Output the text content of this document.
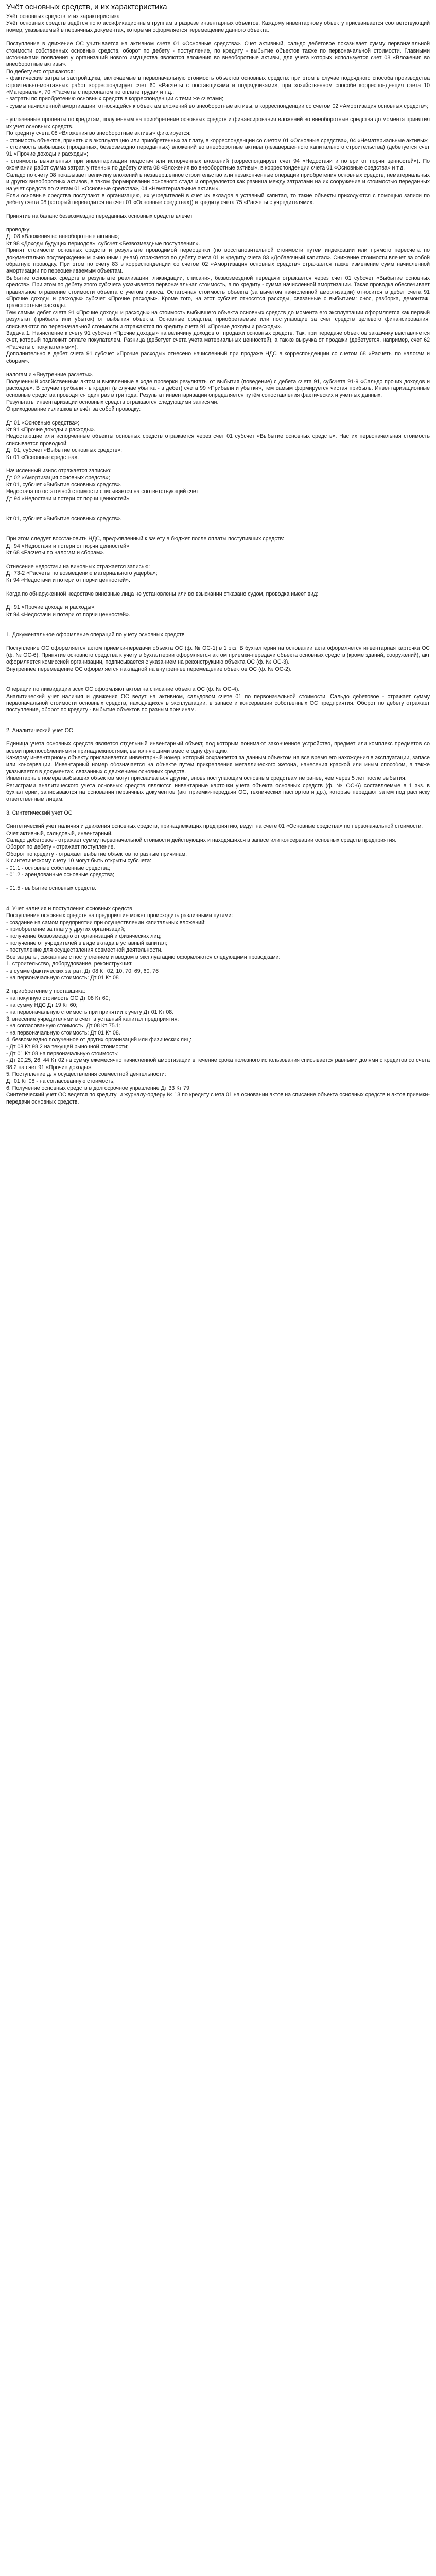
Учёт основных средств, и их характеристика

Учёт основных средств, и их характеристика

Учёт основных средств ведётся по классификационным группам в разрезе инвентарных объектов. Каждому инвентарному объекту присваивается соответствующий номер, указываемый в первичных документах, которыми оформляется перемещение данного объекта.

Поступление в движение ОС учитывается на активном счете 01 «Основные средства». Счет активный, сальдо дебетовое показывает сумму первоначальной стоимости собственных основных средств, оборот по дебету - поступление, по кредиту - выбытие объектов также по первоначальной стоимости. Главными источниками появления у организаций нового имущества являются вложения во внеоборотные активы, для учета которых используется счет 08 «Вложения во внеоборотные активы».

По дебету его отражаются:

- фактические затраты застройщика, включаемые в первоначальную стоимость объектов основных средств: при этом в случае подрядного способа производства строительно-монтажных работ корреспондирует счет 60 «Расчеты с поставщиками и подрядчиками», при хозяйственном способе корреспонденция счета 10 «Материалы», 70 «Расчеты с персоналом по оплате труда» и т.д.;

- затраты по приобретению основных средств в корреспонденции с теми же счетами;

- суммы начисленной амортизации, относящейся к объектам вложений во внеоборотные активы, в корреспонденции со счетом 02 «Амортизация основных средств»;

- уплаченные проценты по кредитам, полученным на приобретение основных средств и финансирования вложений во внеоборотные средства до момента принятия их учет основных средств.

По кредиту счета 08 «Вложения во внеоборотные активы» фиксируется:

- стоимость объектов, принятых в эксплуатацию или приобретенных за плату, в корреспонденции со счетом 01 «Основные средства», 04 «Нематериальные активы»;

- стоимость выбывших (проданных, безвозмездно переданных) вложений во внеоборотные активы (незавершенного капитального строительства) (дебетуется счет 91 «Прочие доходы и расходы»;

- стоимость выявленных при инвентаризации недостач или испорченных вложений (корреспондирует счет 94 «Недостачи и потери от порчи ценностей»). По окончании работ сумма затрат, учтенных по дебету счета 08 «Вложения во внеоборотные активы», в корреспонденции счета 01 «Основные средства» и т.д.

Сальдо по счету 08 показывает величину вложений в незавершенное строительство или незаконченные операции приобретения основных средств, нематериальных и других внеоборотных активов, в таком формировании основного стада и определяется как разница между затратами на их сооружение и стоимостью переданных на учет средств по счетам 01 «Основные средства», 04 «Нематериальные активы».

Если основные средства поступают в организацию, их учредителей в счет их вкладов в уставный капитал, то такие объекты приходуются с помощью записи по дебету счета 08 (который переводится на счет 01 «Основные средства»)) и кредиту счета 75 «Расчеты с учредителями».

Принятие на баланс безвозмездно переданных основных средств влечёт

проводку:

Дт 08 «Вложения во внеоборотные активы»;

Кт 98 «Доходы будущих периодов», субсчет «Безвозмездные поступления».

Принят стоимости основных средств и результате проводимой переоценки (по восстановительной стоимости путем индексации или прямого пересчета по документально подтвержденным рыночным ценам) отражается по дебету счета 01 и кредиту счета 83 «Добавочный капитал». Снижение стоимости влечет за собой обратную проводку. При этом по счету 83 в корреспонденции со счетом 02 «Амортизация основных средств» отражается также изменение сумм начисленной амортизации по переоцениваемым объектам.

Выбытие основных средств в результате реализации, ликвидации, списания, безвозмездной передачи отражается через счет 01 субсчет «Выбытие основных средств». При этом по дебету этого субсчета указывается первоначальная стоимость, а по кредиту - сумма начисленной амортизации. Такая проводка обеспечивает правильное отражение стоимости объекта с учетом износа. Остаточная стоимость объекта (за вычетом начисленной амортизации) относится в дебет счета 91 «Прочие доходы и расходы» субсчет «Прочие расходы». Кроме того, на этот субсчет относятся расходы, связанные с выбытием: снос, разборка, демонтаж, транспортные расходы.

Тем самым дебет счета 91 «Прочие доходы и расходы» на стоимость выбывшего объекта основных средств до момента его эксплуатации оформляется как первый результат (прибыль или убыток) от выбытия объекта. Основные средства, приобретаемые или поступающие за счет средств целевого финансирования, списываются по первоначальной стоимости и отражаются по кредиту счета 91 «Прочие доходы и расходы».

Задача 1. Начисление к счету 91 субсчет «Прочие доходы» на величину доходов от продажи основных средств. Так, при передаче объектов заказчику выставляется счет, который подлежит оплате покупателем. Разница (дебетует счета учета материальных ценностей), а также выручка от продажи (дебетуется, например, счет 62 «Расчеты с покупателями»).

Дополнительно в дебет счета 91 субсчет «Прочие расходы» отнесено начисленный при продаже НДС в корреспонденции со счетом 68 «Расчеты по налогам и сборам».

налогам и «Внутренние расчеты».

Полученный хозяйственным актом и выявленные в ходе проверки результаты от выбытия (поведение) с дебета счета 91, субсчета 91-9 «Сальдо прочих доходов и расходов». В случае прибыли - в кредит (в случае убытка - в дебет) счета 99 «Прибыли и убытки», тем самым формируется чистая прибыль. Инвентаризационные основные средства проводятся один раз в три года. Результат инвентаризации определяется путём сопоставления фактических и учетных данных.

Результаты инвентаризации основных средств отражаются следующими записями.

Оприходование излишков влечёт за собой проводку:

Дт 01 «Основные средства»;

Кт 91 «Прочие доходы и расходы».

Недостающие или испорченные объекты основных средств отражается через счет 01 субсчет «Выбытие основных средств». Нас их первоначальная стоимость списывается проводкой:

Дт 01, субсчет «Выбытие основных средств»;

Кт 01 «Основные средства».

Начисленный износ отражается записью:

Дт 02 «Амортизация основных средств»;

Кт 01, субсчет «Выбытие основных средств».

Недостача по остаточной стоимости списывается на соответствующий счет

Дт 94 «Недостачи и потери от порчи ценностей»;

Кт 01, субсчет «Выбытие основных средств».

При этом следует восстановить НДС, предъявленный к зачету в бюджет после оплаты поступивших средств:

Дт 94 «Недостачи и потери от порчи ценностей»;

Кт 68 «Расчеты по налогам и сборам».

Отнесение недостачи на виновных отражается записью:

Дт 73-2 «Расчеты по возмещению материального ущерба»;

Кт 94 «Недостачи и потери от порчи ценностей».

Когда по обнаруженной недостаче виновные лица не установлены или во взыскании отказано судом, проводка имеет вид:

Дт 91 «Прочие доходы и расходы»;

Кт 94 «Недостачи и потери от порчи ценностей».

1. Документальное оформление операций по учету основных средств

Поступление ОС оформляется актом приемки-передачи объекта ОС (ф. № ОС-1) в 1 экз. В бухгалтерии на основании акта оформляется инвентарная карточка ОС (ф. № ОС-6). Принятие основного средства к учету в бухгалтерии оформляется актом приемки-передачи объекта основных средств (кроме зданий, сооружений), акт оформляется комиссией организации, подписывается с указанием на реконструкцию объекта ОС (ф. № ОС-3).

Внутреннее перемещение ОС оформляется накладной на внутреннее перемещение объектов ОС (ф. № ОС-2).

Операции по ликвидации всех ОС оформляют актом на списание объекта ОС (ф. № ОС-4).

Аналитический учет наличия и движения ОС ведут на активном, сальдовом счете 01 по первоначальной стоимости. Сальдо дебетовое - отражает сумму первоначальной стоимости основных средств, находящихся в эксплуатации, в запасе и консервации собственных ОС предприятия. Оборот по дебету отражает поступление, оборот по кредиту - выбытие объектов по разным причинам.

2. Аналитический учет ОС

Единица учета основных средств является отдельный инвентарный объект, под которым понимают законченное устройство, предмет или комплекс предметов со всеми приспособлениями и принадлежностями, выполняющими вместе одну функцию.

Каждому инвентарному объекту присваивается инвентарный номер, который сохраняется за данным объектом на все время его нахождения в эксплуатации, запасе или консервации. Инвентарный номер обозначается на объекте путем прикрепления металлического жетона, нанесения краской или иным способом, а также указывается в документах, связанных с движением основных средств.

Инвентарные номера выбывших объектов могут присваиваться другим, вновь поступающим основным средствам не ранее, чем через 5 лет после выбытия.

Регистрами аналитического учета основных средств являются инвентарные карточки учета объекта основных средств (ф. № ОС-6) составляемые в 1 экз. в бухгалтерии, записываются на основании первичных документов (акт приемки-передачи ОС, технических паспортов и др.), которые передают затем под расписку ответственным лицам.

3. Синтетический учет ОС

Синтетический учет наличия и движения основных средств, принадлежащих предприятию, ведут на счете 01 «Основные средства» по первоначальной стоимости.

Счет активный, сальдовый, инвентарный.

Сальдо дебетовое - отражает сумму первоначальной стоимости действующих и находящихся в запасе или консервации основных средств предприятия.

Оборот по дебету - отражает поступление.

Оборот по кредиту - отражает выбытие объектов по разным причинам.

К синтетическому счету 10 могут быть открыты субсчета:

- 01.1 - основные собственные средства;

- 01.2 - арендованные основные средства;

- 01.5 - выбытие основных средств.

4. Учет наличия и поступления основных средств

Поступление основных средств на предприятие может происходить различными путями:

- создание на самом предприятии при осуществлении капитальных вложений;

- приобретение за плату у других организаций;

- получение безвозмездно от организаций и физических лиц;

- получение от учредителей в виде вклада в уставный капитал;

- поступление для осуществления совместной деятельности.

Все затраты, связанные с поступлением и вводом в эксплуатацию оформляются следующими проводками:

1. строительство, доборудование, реконструкция:

- в сумме фактических затрат: Дт 08 Кт 02, 10, 70, 69, 60, 76

- на первоначальную стоимость: Дт 01 Кт 08

2. приобретение у поставщика:

- на покупную стоимость ОС Дт 08 Кт 60;

- на сумму НДС Дт 19 Кт 60;

- на первоначальную стоимость при принятии к учету Дт 01 Кт 08.

3. внесение учредителями в счет  в уставный капитал предприятия:

- на согласованную стоимость  Дт 08 Кт 75.1;

- на первоначальную стоимость: Дт 01 Кт 08.

4. безвозмездно полученное от других организаций или физических лиц:

- Дт 08 Кт 98.2 на текущей рыночной стоимости;

- Дт 01 Кт 08 на первоначальную стоимость;

- Дт 20,25, 26, 44 Кт 02 на сумму ежемесячно начисленной амортизации в течение срока полезного использования списывается равными долями с кредитов со счета 98.2 на счет 91 «Прочие доходы».

5. Поступление для осуществления совместной деятельности:

Дт 01 Кт 08 - на согласованную стоимость;

6. Получение основных средств в долгосрочное управление Дт 33 Кт 79.

Синтетический учет ОС ведется по кредиту  и журналу-ордеру № 13 по кредиту счета 01 на основании актов на списание объекта основных средств и актов приемки-передачи основных средств.
